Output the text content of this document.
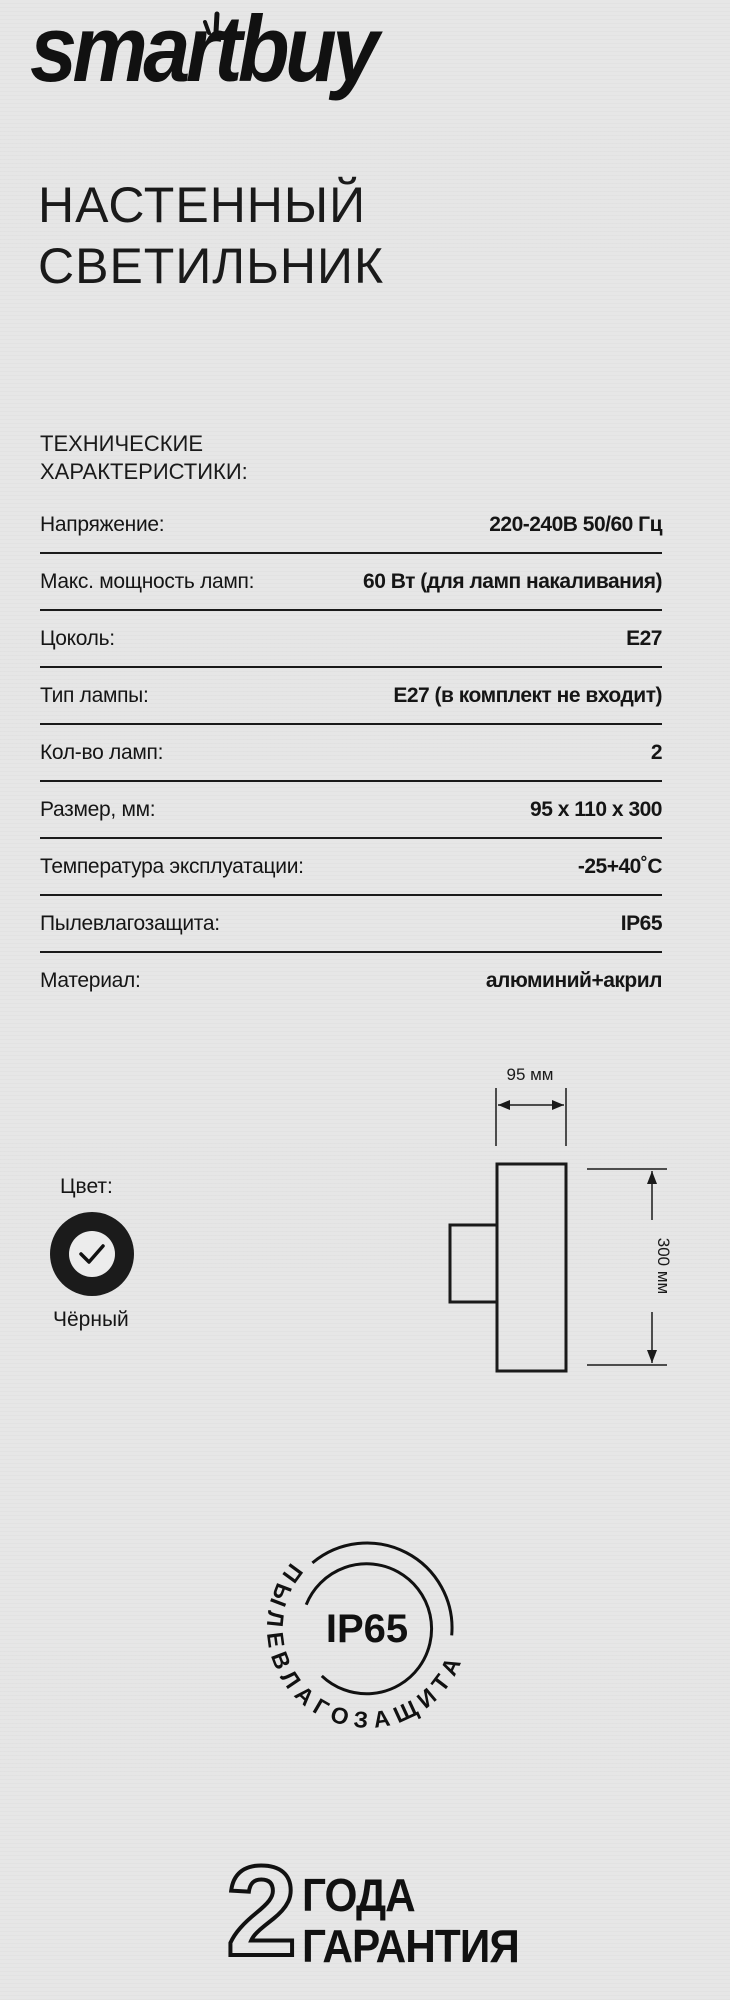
smartbuy
НАСТЕННЫЙ
СВЕТИЛЬНИК
ТЕХНИЧЕСКИЕ
ХАРАКТЕРИСТИКИ:
Напряжение:	220-240В 50/60 Гц
Макс. мощность ламп:	60 Вт (для ламп накаливания)
Цоколь:	E27
Тип лампы:	E27 (в комплект не входит)
Кол-во ламп:	2
Размер, мм:	95 x 110 x 300
Температура эксплуатации:	-25+40˚C
Пылевлагозащита:	IP65
Материал:	алюминий+акрил
Цвет:
Чёрный
95 мм
300 мм
IP65
ПЫЛЕВЛАГОЗАЩИТА
2 ГОДА
ГАРАНТИЯ
